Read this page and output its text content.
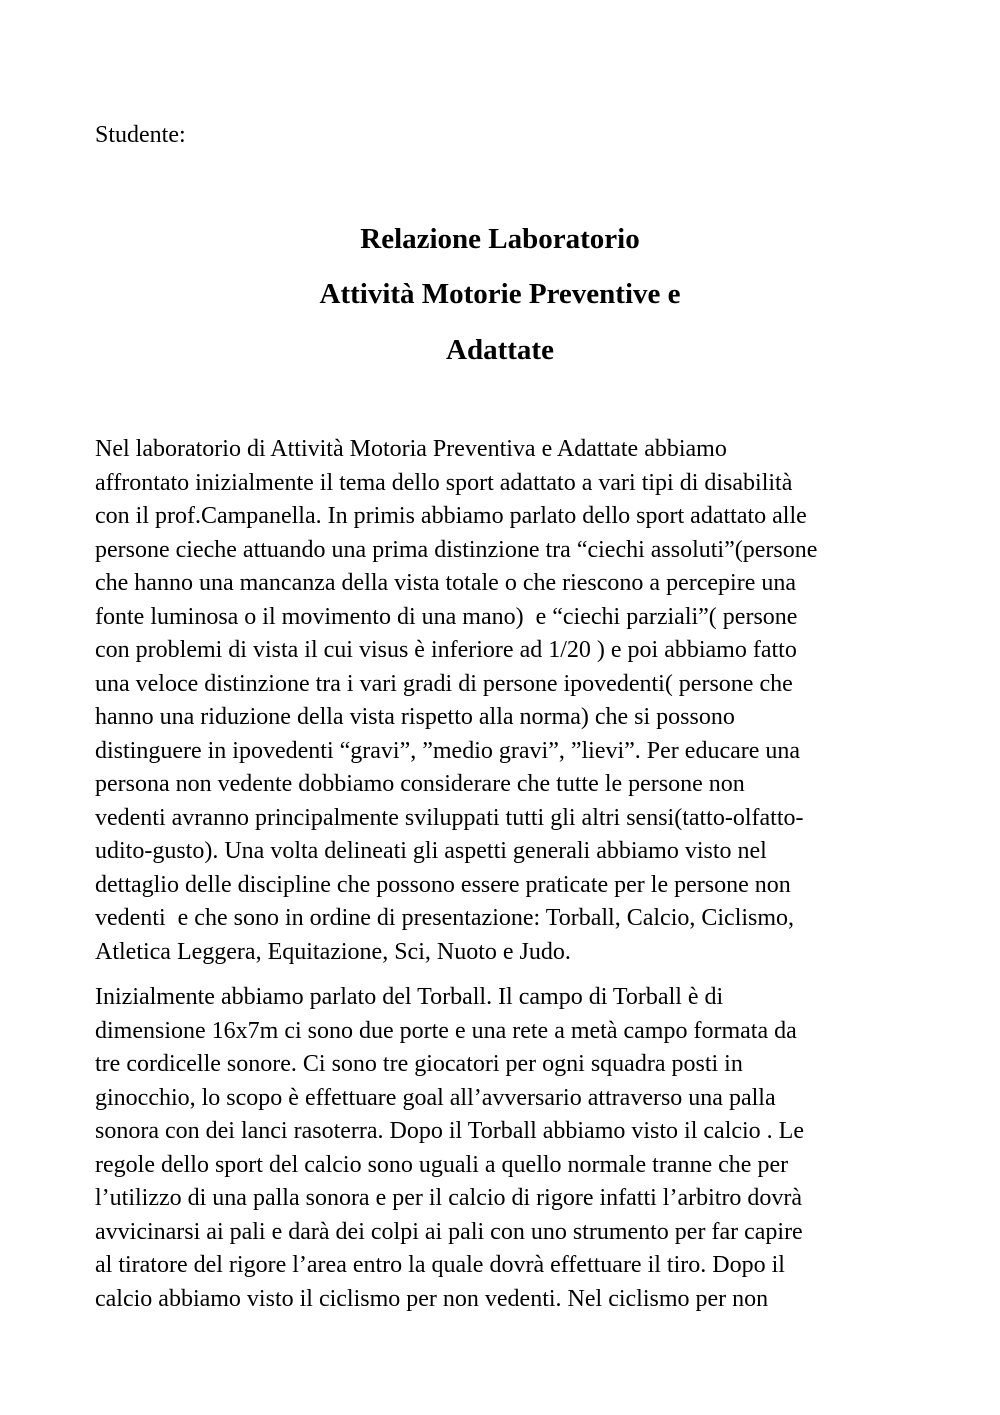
Studente:
Relazione Laboratorio
Attività Motorie Preventive e
Adattate
Nel laboratorio di Attività Motoria Preventiva e Adattate abbiamo
affrontato inizialmente il tema dello sport adattato a vari tipi di disabilità
con il prof.Campanella. In primis abbiamo parlato dello sport adattato alle
persone cieche attuando una prima distinzione tra “ciechi assoluti”(persone
che hanno una mancanza della vista totale o che riescono a percepire una
fonte luminosa o il movimento di una mano)  e “ciechi parziali”( persone
con problemi di vista il cui visus è inferiore ad 1/20 ) e poi abbiamo fatto
una veloce distinzione tra i vari gradi di persone ipovedenti( persone che
hanno una riduzione della vista rispetto alla norma) che si possono
distinguere in ipovedenti “gravi”, ”medio gravi”, ”lievi”. Per educare una
persona non vedente dobbiamo considerare che tutte le persone non
vedenti avranno principalmente sviluppati tutti gli altri sensi(tatto-olfatto-
udito-gusto). Una volta delineati gli aspetti generali abbiamo visto nel
dettaglio delle discipline che possono essere praticate per le persone non
vedenti  e che sono in ordine di presentazione: Torball, Calcio, Ciclismo,
Atletica Leggera, Equitazione, Sci, Nuoto e Judo.
Inizialmente abbiamo parlato del Torball. Il campo di Torball è di
dimensione 16x7m ci sono due porte e una rete a metà campo formata da
tre cordicelle sonore. Ci sono tre giocatori per ogni squadra posti in
ginocchio, lo scopo è effettuare goal all’avversario attraverso una palla
sonora con dei lanci rasoterra. Dopo il Torball abbiamo visto il calcio . Le
regole dello sport del calcio sono uguali a quello normale tranne che per
l’utilizzo di una palla sonora e per il calcio di rigore infatti l’arbitro dovrà
avvicinarsi ai pali e darà dei colpi ai pali con uno strumento per far capire
al tiratore del rigore l’area entro la quale dovrà effettuare il tiro. Dopo il
calcio abbiamo visto il ciclismo per non vedenti. Nel ciclismo per non
